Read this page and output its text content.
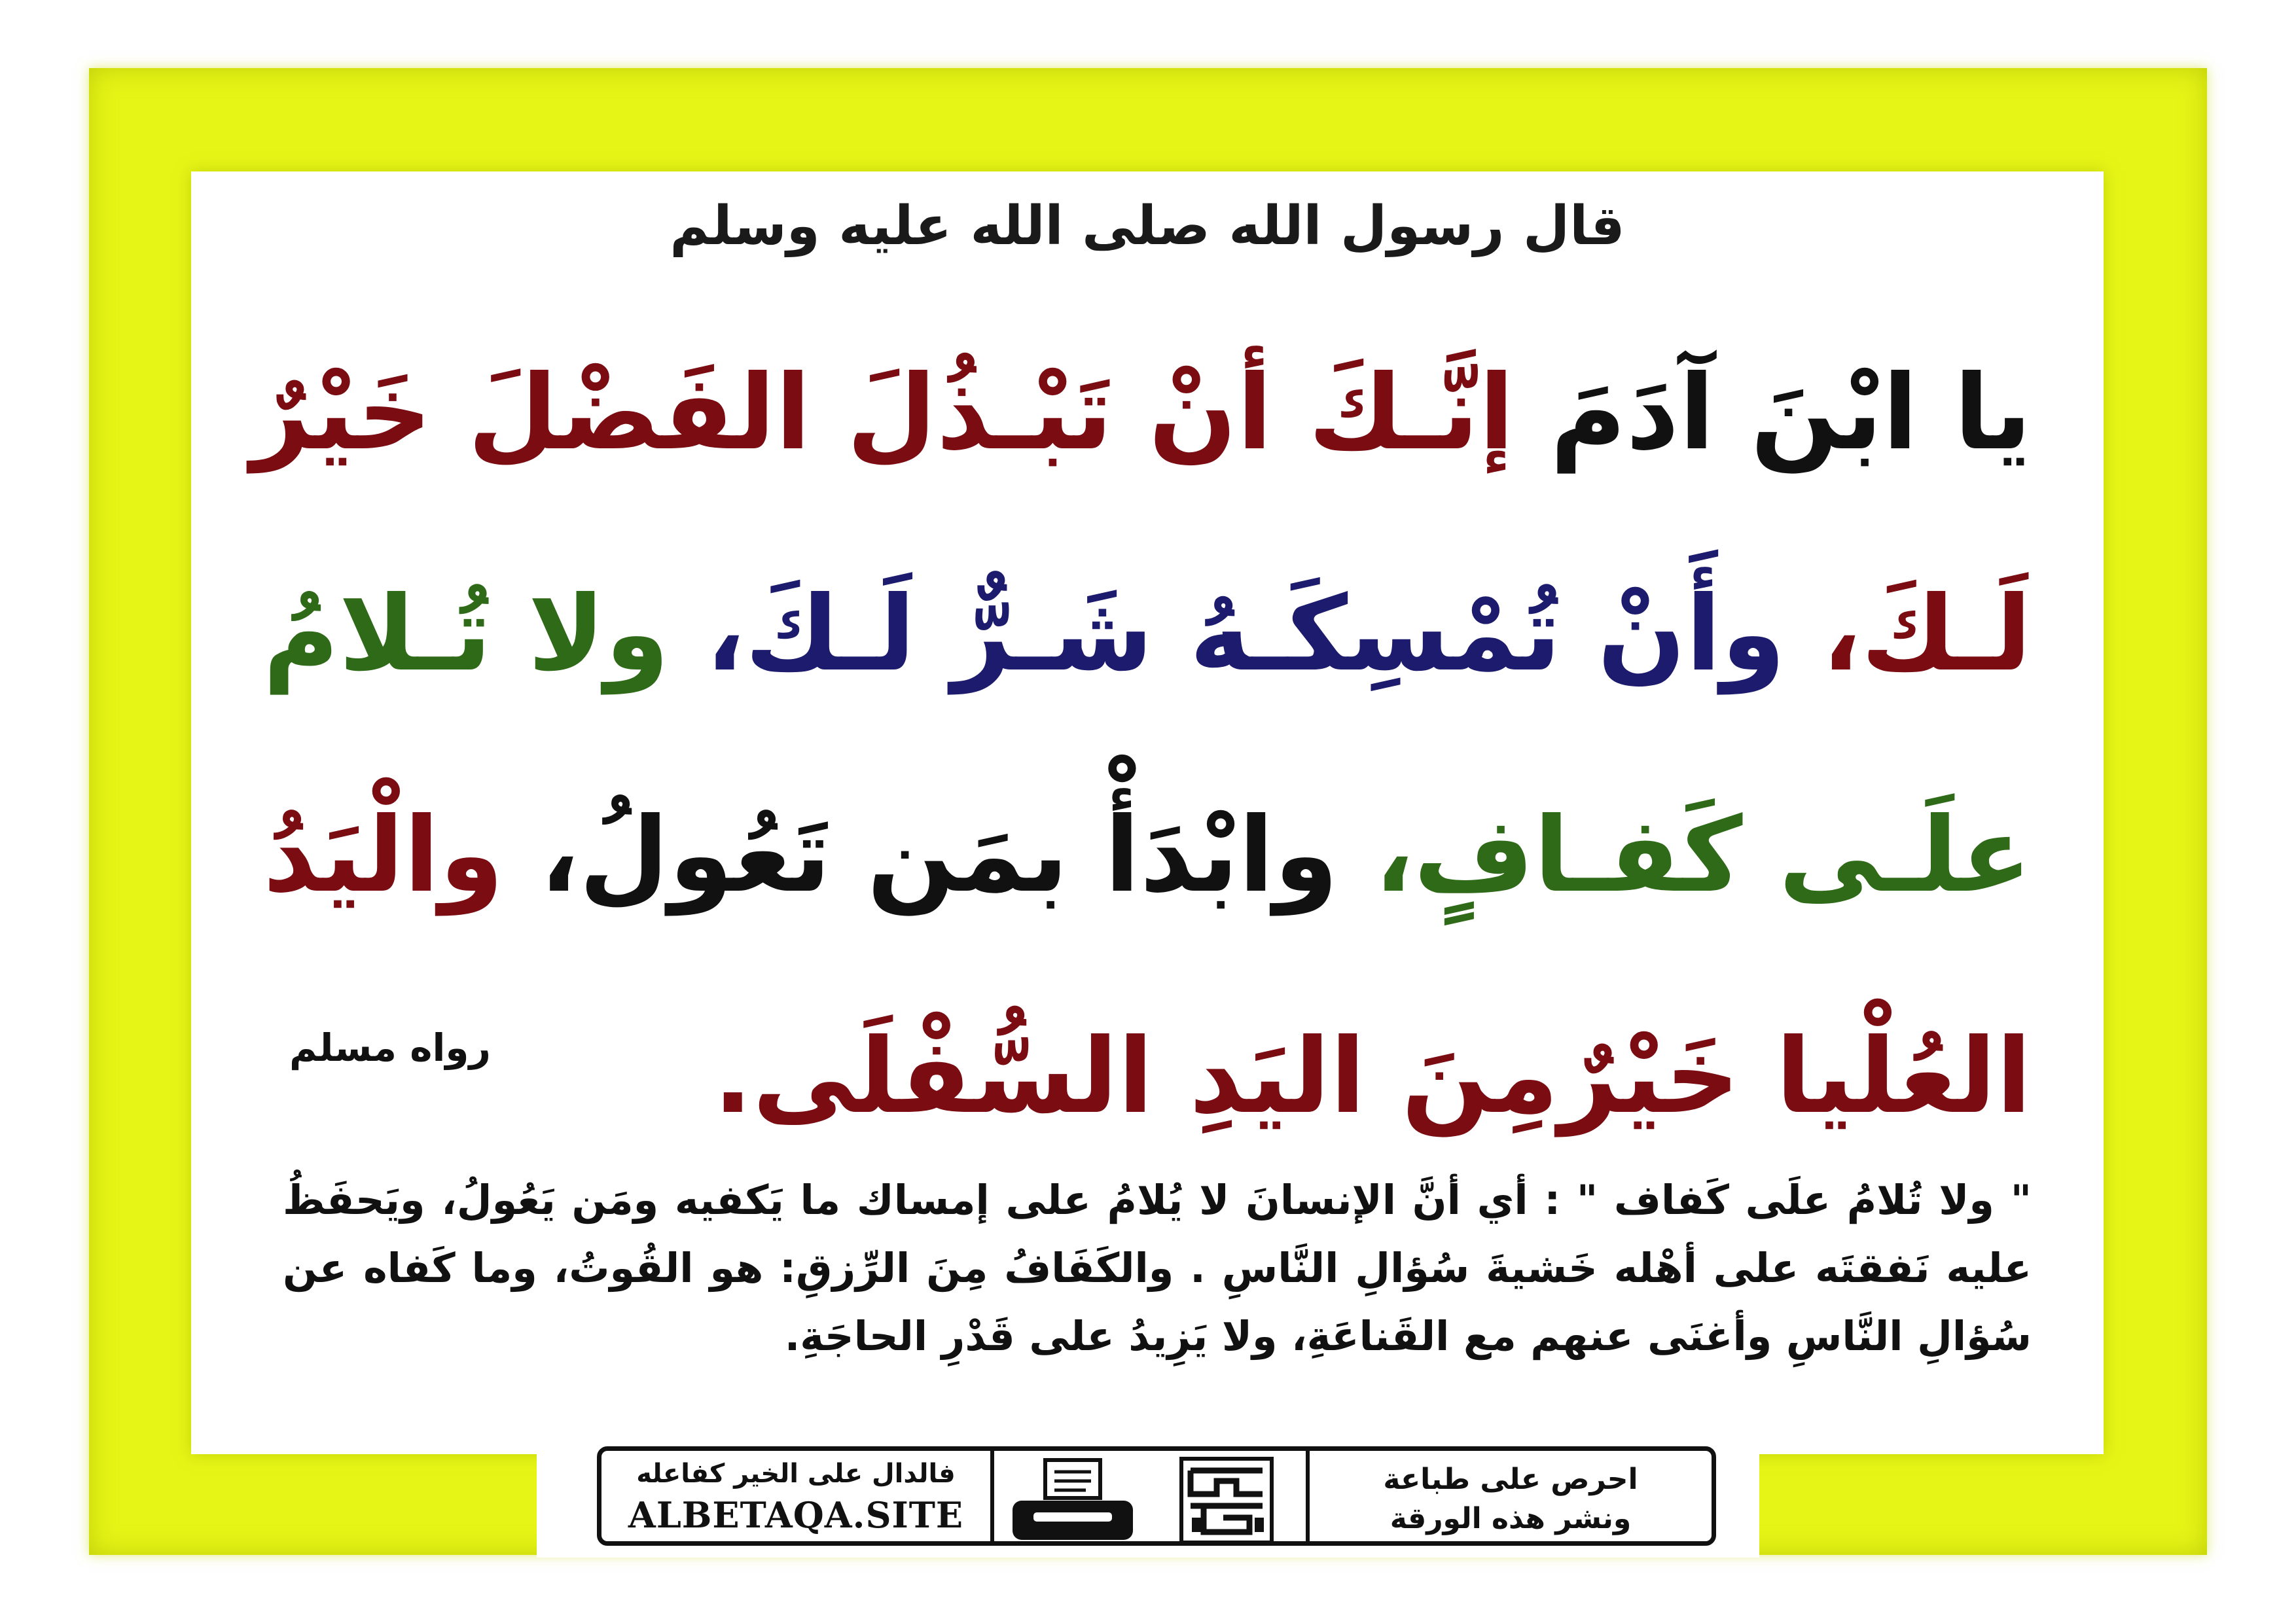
قال رسول الله صلى الله عليه وسلم
يا ابْنَ آدَمَ إنَّـكَ أنْ تَبْـذُلَ الفَضْلَ خَيْرٌ
لَـكَ، وأَنْ تُمْسِكَـهُ شَـرٌّ لَـكَ، ولا تُـلامُ
علَـى كَفـافٍ، وابْدَأْ بمَن تَعُولُ، والْيَدُ
العُلْيا خَيْرٌمِنَ اليَدِ السُّفْلَى.
رواه مسلم
" ولا تُلامُ علَى كَفاف " : أي أنَّ الإنسانَ لا يُلامُ على إمساك ما يَكفيه ومَن يَعُولُ، ويَحفَظُ عليه نَفقتَه على أهْله خَشيةَ سُؤالِ النَّاسِ . والكَفَافُ مِنَ الرِّزقِ: هو القُوتُ، وما كَفاه عن سُؤالِ النَّاسِ وأغنَى عنهم مع القَناعَةِ، ولا يَزِيدُ على قَدْرِ الحاجَةِ.
فالدال على الخير كفاعله
ALBETAQA.SITE
احرص على طباعة
ونشر هذه الورقة
